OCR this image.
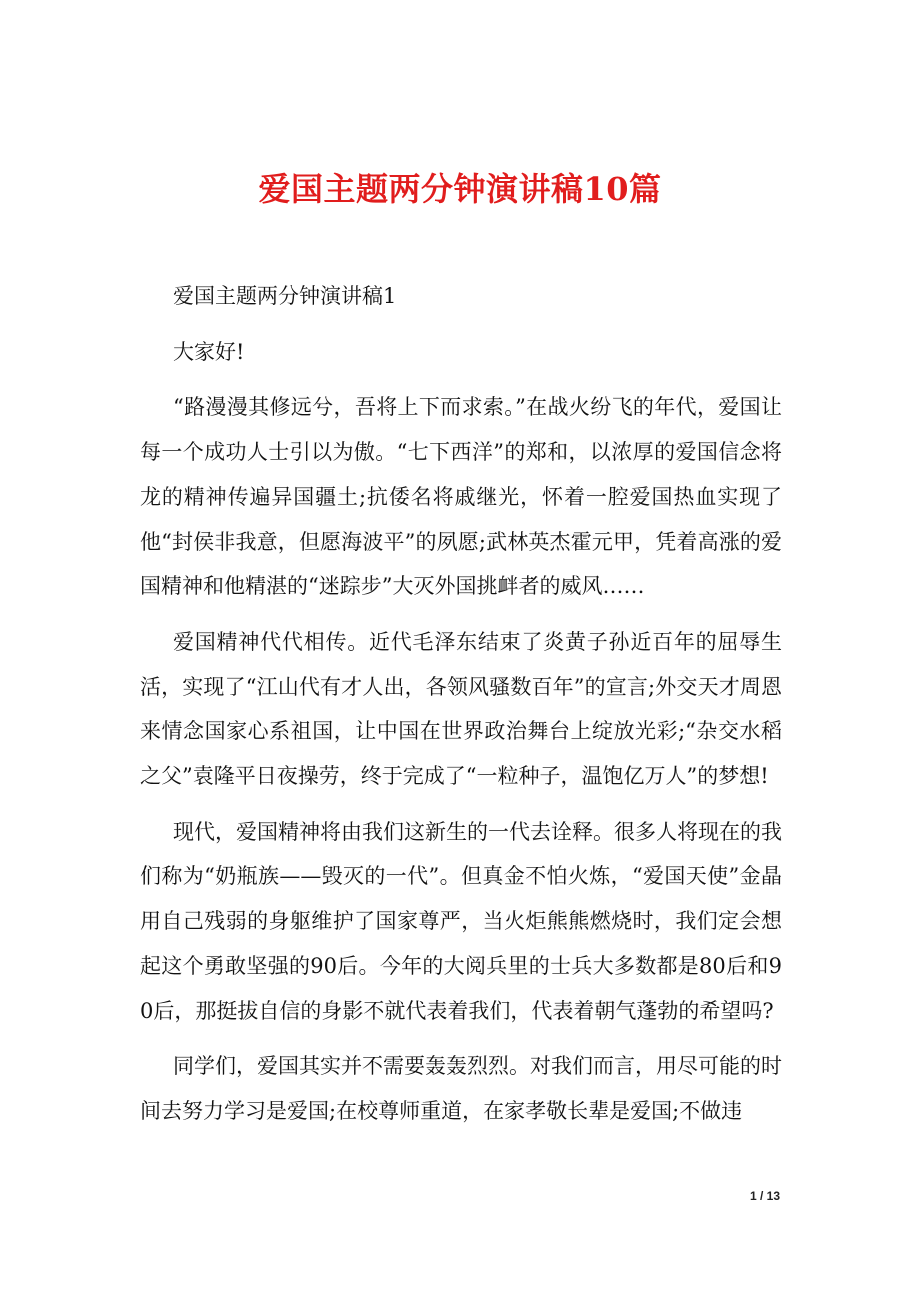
爱国主题两分钟演讲稿10篇

爱国主题两分钟演讲稿1

大家好!

“路漫漫其修远兮，吾将上下而求索。”在战火纷飞的年代，爱国让每一个成功人士引以为傲。“七下西洋”的郑和，以浓厚的爱国信念将龙的精神传遍异国疆土;抗倭名将戚继光，怀着一腔爱国热血实现了他“封侯非我意，但愿海波平”的夙愿;武林英杰霍元甲，凭着高涨的爱国精神和他精湛的“迷踪步”大灭外国挑衅者的威风……

爱国精神代代相传。近代毛泽东结束了炎黄子孙近百年的屈辱生活，实现了“江山代有才人出，各领风骚数百年”的宣言;外交天才周恩来情念国家心系祖国，让中国在世界政治舞台上绽放光彩;“杂交水稻之父”袁隆平日夜操劳，终于完成了“一粒种子，温饱亿万人”的梦想!

现代，爱国精神将由我们这新生的一代去诠释。很多人将现在的我们称为“奶瓶族——毁灭的一代”。但真金不怕火炼，“爱国天使”金晶用自己残弱的身躯维护了国家尊严，当火炬熊熊燃烧时，我们定会想起这个勇敢坚强的90后。今年的大阅兵里的士兵大多数都是80后和90后，那挺拔自信的身影不就代表着我们，代表着朝气蓬勃的希望吗?

同学们，爱国其实并不需要轰轰烈烈。对我们而言，用尽可能的时间去努力学习是爱国;在校尊师重道，在家孝敬长辈是爱国;不做违

1 / 13
